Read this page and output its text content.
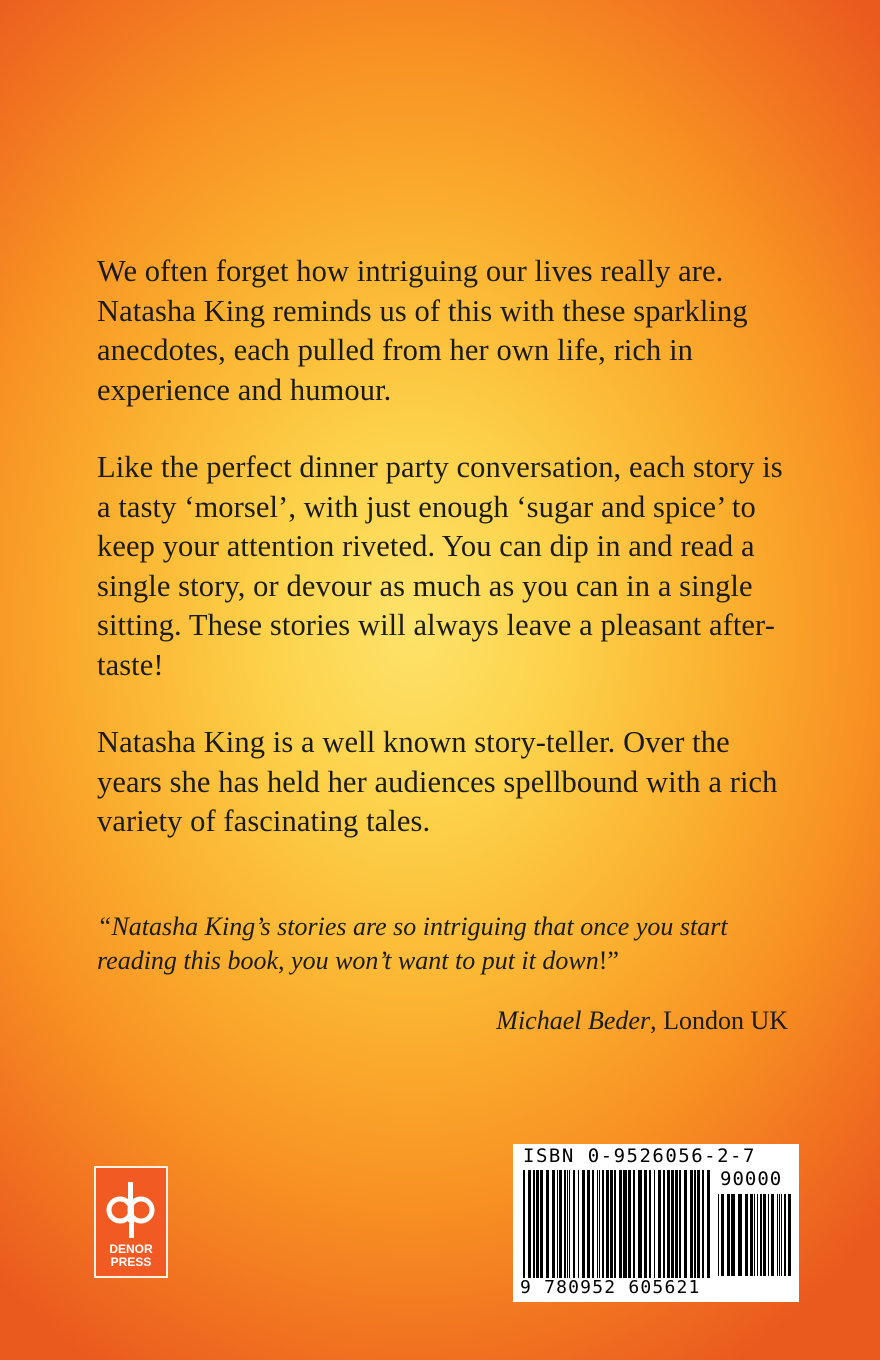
We often forget how intriguing our lives really are. Natasha King reminds us of this with these sparkling anecdotes, each pulled from her own life, rich in experience and humour.

Like the perfect dinner party conversation, each story is a tasty ‘morsel’, with just enough ‘sugar and spice’ to keep your attention riveted. You can dip in and read a single story, or devour as much as you can in a single sitting. These stories will always leave a pleasant after-taste!

Natasha King is a well known story-teller. Over the years she has held her audiences spellbound with a rich variety of fascinating tales.

“Natasha King’s stories are so intriguing that once you start reading this book, you won’t want to put it down!”

Michael Beder, London UK
DENOR
PRESS
ISBN 0-9526056-2-7
90000
9 780952 605621
